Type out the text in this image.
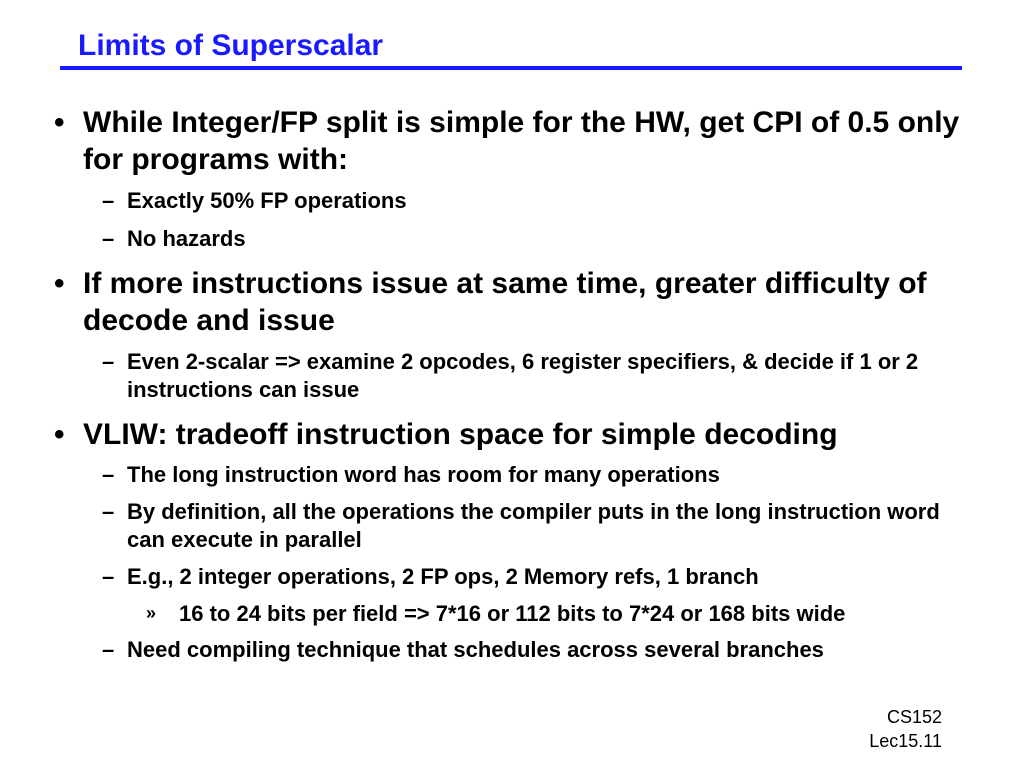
Limits of Superscalar
• While Integer/FP split is simple for the HW, get CPI of 0.5 only for programs with:
– Exactly 50% FP operations
– No hazards
• If more instructions issue at same time, greater difficulty of decode and issue
– Even 2-scalar => examine 2 opcodes, 6 register specifiers, & decide if 1 or 2 instructions can issue
• VLIW: tradeoff instruction space for simple decoding
– The long instruction word has room for many operations
– By definition, all the operations the compiler puts in the long instruction word can execute in parallel
– E.g., 2 integer operations, 2 FP ops, 2 Memory refs, 1 branch
»	16 to 24 bits per field => 7*16 or 112 bits to 7*24 or 168 bits wide
– Need compiling technique that schedules across several branches
CS152
Lec15.11
